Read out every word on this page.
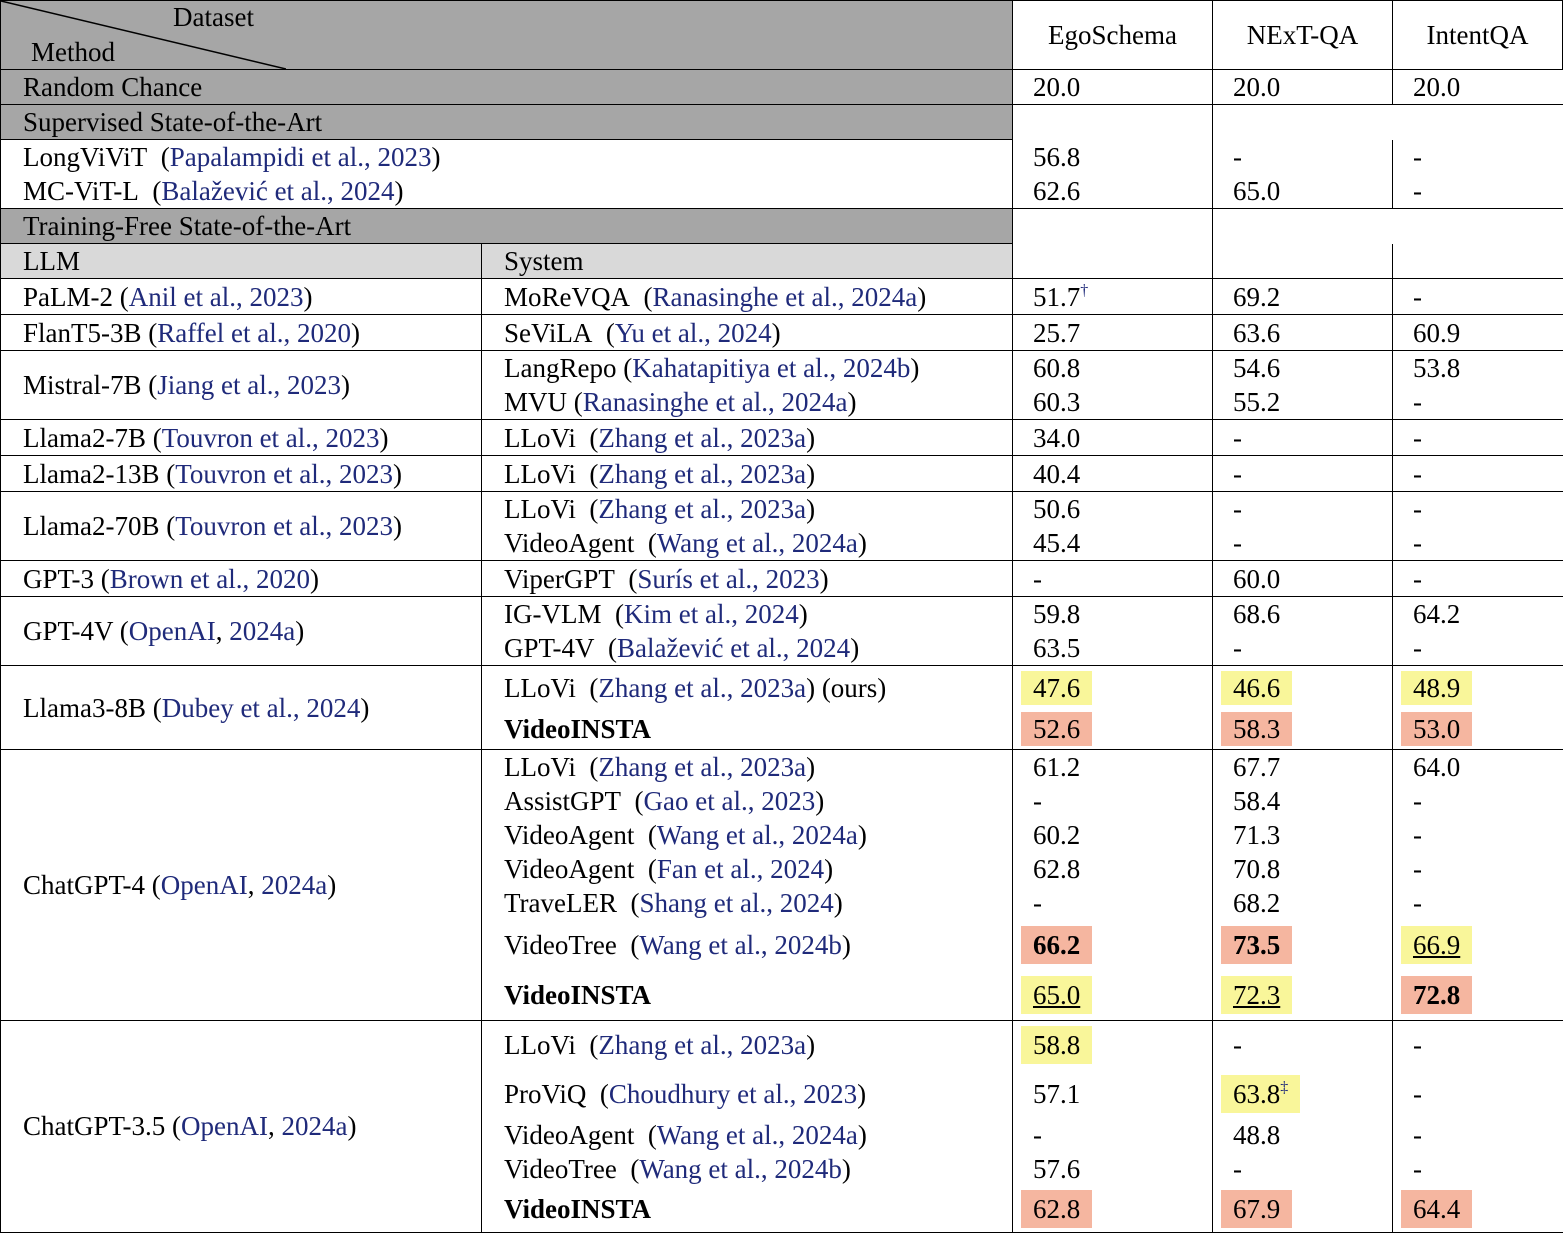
Dataset
Method		EgoSchema	NExT-QA	IntentQA
Random Chance		20.0	20.0	20.0
Supervised State-of-the-Art				
LongViViT  (Papalampidi et al., 2023)		56.8	-	-
MC-ViT-L  (Balažević et al., 2024)		62.6	65.0	-
Training-Free State-of-the-Art				
LLM	System			
PaLM-2 (Anil et al., 2023)	MoReVQA  (Ranasinghe et al., 2024a)	51.7†	69.2	-
FlanT5-3B (Raffel et al., 2020)	SeViLA  (Yu et al., 2024)	25.7	63.6	60.9
Mistral-7B (Jiang et al., 2023)	LangRepo (Kahatapitiya et al., 2024b)	60.8	54.6	53.8
	MVU (Ranasinghe et al., 2024a)	60.3	55.2	-
Llama2-7B (Touvron et al., 2023)	LLoVi  (Zhang et al., 2023a)	34.0	-	-
Llama2-13B (Touvron et al., 2023)	LLoVi  (Zhang et al., 2023a)	40.4	-	-
Llama2-70B (Touvron et al., 2023)	LLoVi  (Zhang et al., 2023a)	50.6	-	-
	VideoAgent  (Wang et al., 2024a)	45.4	-	-
GPT-3 (Brown et al., 2020)	ViperGPT  (Surís et al., 2023)	-	60.0	-
GPT-4V (OpenAI, 2024a)	IG-VLM  (Kim et al., 2024)	59.8	68.6	64.2
	GPT-4V  (Balažević et al., 2024)	63.5	-	-
Llama3-8B (Dubey et al., 2024)	LLoVi  (Zhang et al., 2023a) (ours)	47.6	46.6	48.9
	VideoINSTA	52.6	58.3	53.0
ChatGPT-4 (OpenAI, 2024a)	LLoVi  (Zhang et al., 2023a)	61.2	67.7	64.0
	AssistGPT  (Gao et al., 2023)	-	58.4	-
	VideoAgent  (Wang et al., 2024a)	60.2	71.3	-
	VideoAgent  (Fan et al., 2024)	62.8	70.8	-
	TraveLER  (Shang et al., 2024)	-	68.2	-
	VideoTree  (Wang et al., 2024b)	66.2	73.5	66.9
	VideoINSTA	65.0	72.3	72.8
ChatGPT-3.5 (OpenAI, 2024a)	LLoVi  (Zhang et al., 2023a)	58.8	-	-
	ProViQ  (Choudhury et al., 2023)	57.1	63.8‡	-
	VideoAgent  (Wang et al., 2024a)	-	48.8	-
	VideoTree  (Wang et al., 2024b)	57.6	-	-
	VideoINSTA	62.8	67.9	64.4
